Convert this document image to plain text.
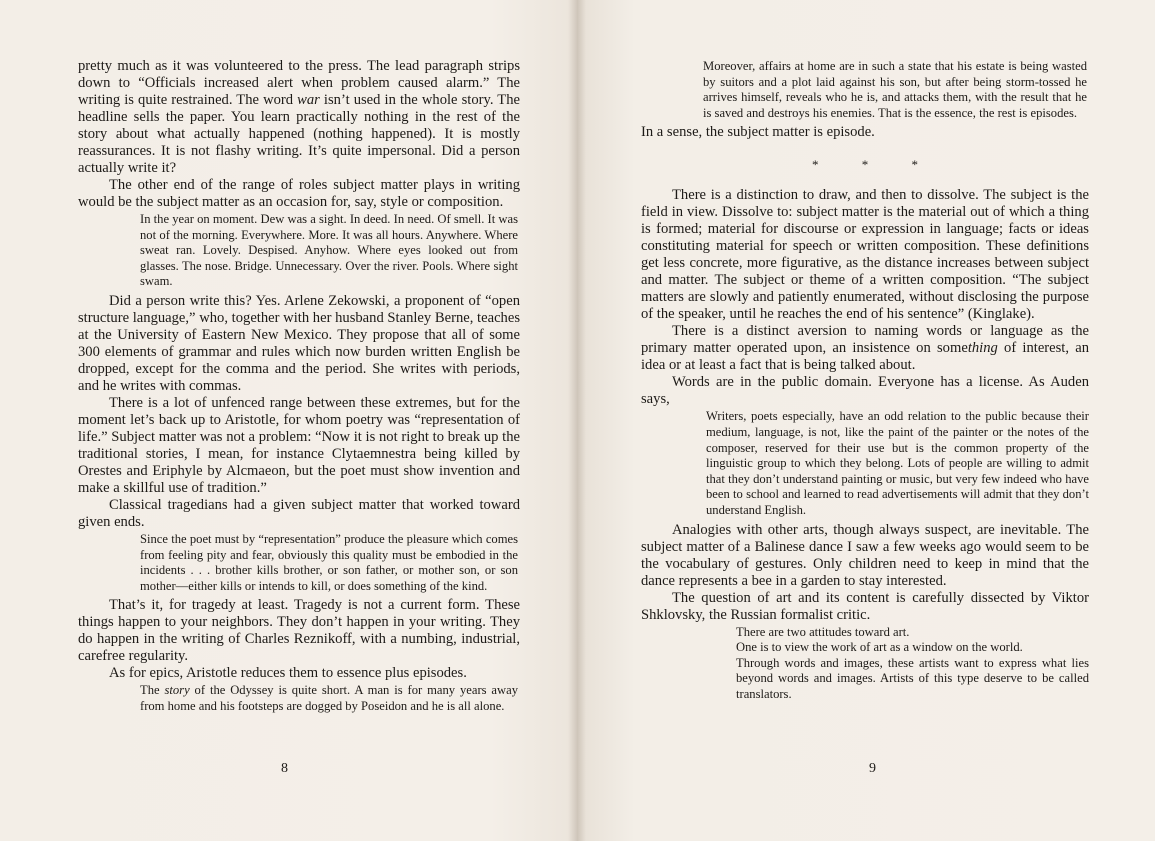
pretty much as it was volunteered to the press. The lead paragraph strips down to “Officials increased alert when problem caused alarm.” The writing is quite restrained. The word war isn’t used in the whole story. The headline sells the paper. You learn practically nothing in the rest of the story about what actually happened (nothing happened). It is mostly reassurances. It is not flashy writing. It’s quite impersonal. Did a person actually write it?

The other end of the range of roles subject matter plays in writing would be the subject matter as an occasion for, say, style or composition.

In the year on moment. Dew was a sight. In deed. In need. Of smell. It was not of the morning. Everywhere. More. It was all hours. Anywhere. Where sweat ran. Lovely. Despised. Anyhow. Where eyes looked out from glasses. The nose. Bridge. Unnecessary. Over the river. Pools. Where sight swam.

Did a person write this? Yes. Arlene Zekowski, a proponent of “open structure language,” who, together with her husband Stanley Berne, teaches at the University of Eastern New Mexico. They propose that all of some 300 elements of grammar and rules which now burden written English be dropped, except for the comma and the period. She writes with periods, and he writes with commas.

There is a lot of unfenced range between these extremes, but for the moment let’s back up to Aristotle, for whom poetry was “representation of life.” Subject matter was not a problem: “Now it is not right to break up the traditional stories, I mean, for instance Clytaemnestra being killed by Orestes and Eriphyle by Alcmaeon, but the poet must show invention and make a skillful use of tradition.”

Classical tragedians had a given subject matter that worked toward given ends.

Since the poet must by “representation” produce the pleasure which comes from feeling pity and fear, obviously this quality must be embodied in the incidents . . . brother kills brother, or son father, or mother son, or son mother—either kills or intends to kill, or does something of the kind.

That’s it, for tragedy at least. Tragedy is not a current form. These things happen to your neighbors. They don’t happen in your writing. They do happen in the writing of Charles Reznikoff, with a numbing, industrial, carefree regularity.

As for epics, Aristotle reduces them to essence plus episodes.

The story of the Odyssey is quite short. A man is for many years away from home and his footsteps are dogged by Poseidon and he is all alone.

8

Moreover, affairs at home are in such a state that his estate is being wasted by suitors and a plot laid against his son, but after being storm-tossed he arrives himself, reveals who he is, and attacks them, with the result that he is saved and destroys his enemies. That is the essence, the rest is episodes.

In a sense, the subject matter is episode.

* * *

There is a distinction to draw, and then to dissolve. The subject is the field in view. Dissolve to: subject matter is the material out of which a thing is formed; material for discourse or expression in language; facts or ideas constituting material for speech or written composition. These definitions get less concrete, more figurative, as the distance increases between subject and matter. The subject or theme of a written composition. “The subject matters are slowly and patiently enumerated, without disclosing the purpose of the speaker, until he reaches the end of his sentence” (Kinglake).

There is a distinct aversion to naming words or language as the primary matter operated upon, an insistence on something of interest, an idea or at least a fact that is being talked about.

Words are in the public domain. Everyone has a license. As Auden says,

Writers, poets especially, have an odd relation to the public because their medium, language, is not, like the paint of the painter or the notes of the composer, reserved for their use but is the common property of the linguistic group to which they belong. Lots of people are willing to admit that they don’t understand painting or music, but very few indeed who have been to school and learned to read advertisements will admit that they don’t understand English.

Analogies with other arts, though always suspect, are inevitable. The subject matter of a Balinese dance I saw a few weeks ago would seem to be the vocabulary of gestures. Only children need to keep in mind that the dance represents a bee in a garden to stay interested.

The question of art and its content is carefully dissected by Viktor Shklovsky, the Russian formalist critic.

There are two attitudes toward art.

One is to view the work of art as a window on the world.

Through words and images, these artists want to express what lies beyond words and images. Artists of this type deserve to be called translators.

9
